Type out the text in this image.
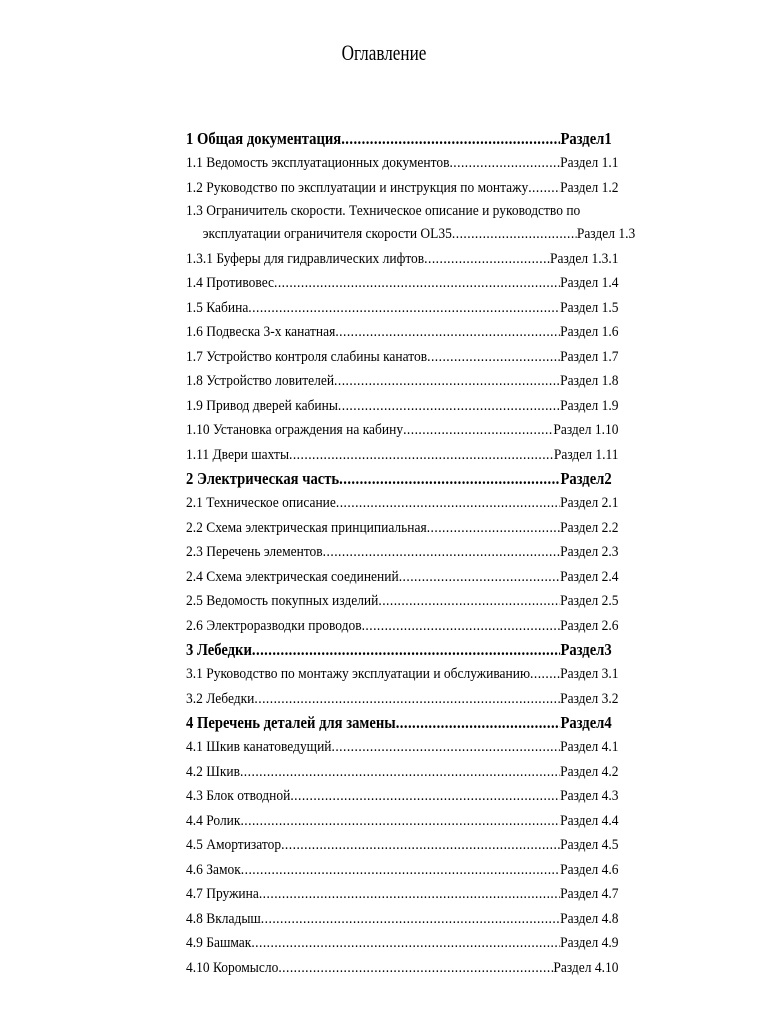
Оглавление
1 Общая документация .....	Раздел1
1.1 Ведомость эксплуатационных документов .....	Раздел 1.1
1.2 Руководство по эксплуатации и инструкция по монтажу ..... Раздел 1.2
1.3 Ограничитель скорости. Техническое описание и руководство по
эксплуатации ограничителя скорости OL35 .....	Раздел 1.3
1.3.1 Буферы для гидравлических лифтов .....	Раздел 1.3.1
1.4 Противовес .....	Раздел 1.4
1.5 Кабина .....	Раздел 1.5
1.6 Подвеска 3-х канатная .....	Раздел 1.6
1.7 Устройство контроля слабины канатов .....	Раздел 1.7
1.8 Устройство ловителей .....	Раздел 1.8
1.9 Привод дверей кабины .....	Раздел 1.9
1.10 Установка ограждения на кабину .....	Раздел 1.10
1.11 Двери шахты .....	Раздел 1.11
2 Электрическая часть .....	Раздел2
2.1 Техническое описание .....	Раздел 2.1
2.2 Схема электрическая принципиальная .....	Раздел 2.2
2.3 Перечень элементов .....	Раздел 2.3
2.4 Схема электрическая соединений .....	Раздел 2.4
2.5 Ведомость покупных изделий .....	Раздел 2.5
2.6 Электроразводки проводов .....	Раздел 2.6
3 Лебедки .....	Раздел3
3.1 Руководство по монтажу эксплуатации и обслуживанию ..... Раздел 3.1
3.2 Лебедки .....	Раздел 3.2
4 Перечень деталей для замены .....	Раздел4
4.1 Шкив канатоведущий .....	Раздел 4.1
4.2 Шкив .....	Раздел 4.2
4.3 Блок отводной .....	Раздел 4.3
4.4 Ролик .....	Раздел 4.4
4.5 Амортизатор .....	Раздел 4.5
4.6 Замок .....	Раздел 4.6
4.7 Пружина .....	Раздел 4.7
4.8 Вкладыш .....	Раздел 4.8
4.9 Башмак .....	Раздел 4.9
4.10 Коромысло .....	Раздел 4.10
